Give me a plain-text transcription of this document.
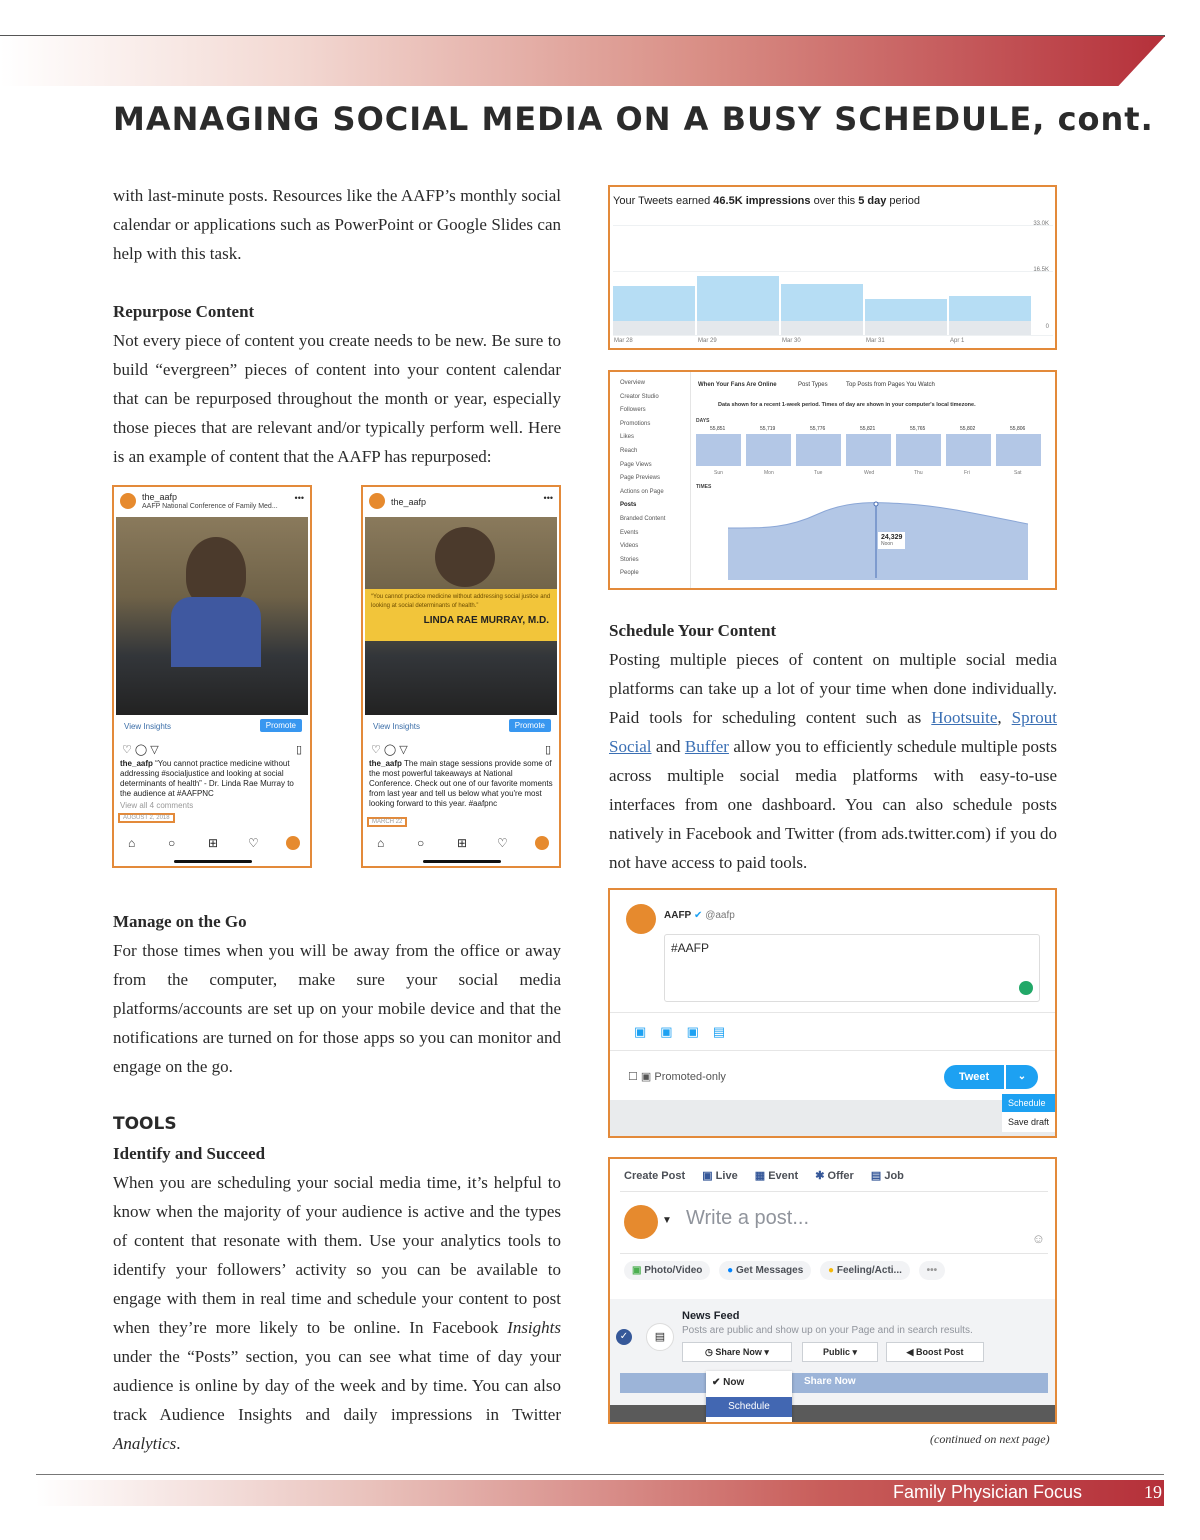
MANAGING SOCIAL MEDIA ON A BUSY SCHEDULE, cont.

with last-minute posts. Resources like the AAFP’s monthly social calendar or applications such as PowerPoint or Google Slides can help with this task.

Repurpose Content

Not every piece of content you create needs to be new. Be sure to build “evergreen” pieces of content into your content calendar that can be repurposed throughout the month or year, especially those pieces that are relevant and/or typically perform well. Here is an example of content that the AAFP has repurposed:

the_aafp
AAFP National Conference of Family Med...
•••
View Insights	Promote
♡ ◯ ▽	▯
the_aafp “You cannot practice medicine without addressing #socialjustice and looking at social determinants of health” - Dr. Linda Rae Murray to the audience at #AAFPNC
View all 4 comments
AUGUST 2, 2018
⌂	○	⊞ ♡
the_aafp	•••
“You cannot practice medicine without addressing social justice and looking at social determinants of health.”
LINDA RAE MURRAY, M.D.
View Insights	Promote
♡ ◯ ▽	▯
the_aafp The main stage sessions provide some of the most powerful takeaways at National Conference. Check out one of our favorite moments from last year and tell us below what you're most looking forward to this year. #aafpnc
MARCH 22
⌂	○	⊞ ♡
Manage on the Go

For those times when you will be away from the office or away from the computer, make sure your social media platforms/accounts are set up on your mobile device and that the notifications are turned on for those apps so you can monitor and engage on the go.

TOOLS
Identify and Succeed

When you are scheduling your social media time, it’s helpful to know when the majority of your audience is active and the types of content that resonate with them. Use your analytics tools to identify your followers’ activity so you can be available to engage with them in real time and schedule your content to post when they’re more likely to be online. In Facebook Insights under the “Posts” section, you can see what time of day your audience is online by day of the week and by time. You can also track Audience Insights and daily impressions in Twitter Analytics.

Your Tweets earned 46.5K impressions over this 5 day period
33.0K
16.5K
0
Mar 28	Mar 29	Mar 30	Mar 31	Apr 1
Overview
Creator Studio
Followers
Promotions
Likes
Reach
Page Views
Page Previews
Actions on Page
Posts
Branded Content
Events
Videos
Stories
People
When Your Fans Are Online	Post Types	Top Posts from Pages You Watch
Data shown for a recent 1-week period. Times of day are shown in your computer's local timezone.
DAYS
55,851
Sun
55,719
Mon
55,776
Tue
55,821
Wed
55,765
Thu
55,802
Fri
55,806
Sat
TIMES
24,329
Noon
Schedule Your Content

Posting multiple pieces of content on multiple social media platforms can take up a lot of your time when done individually. Paid tools for scheduling content such as Hootsuite, Sprout Social and Buffer allow you to efficiently schedule multiple posts across multiple social media platforms with easy-to-use interfaces from one dashboard. You can also schedule posts natively in Facebook and Twitter (from ads.twitter.com) if you do not have access to paid tools.

AAFP ✔ @aafp
#AAFP
▣▣▣▤
☐ ▣ Promoted-only	Tweet	⌄
Schedule
Save draft
Create Post ▣ Live ▦ Event ✱ Offer ▤ Job
▼ Write a post...
☺
▣ Photo/Video ● Get Messages ● Feeling/Acti... •••
✓	▤
News Feed
Posts are public and show up on your Page and in search results.
◷ Share Now ▾	Public ▾	◀ Boost Post
Share Now
✔ Now
Schedule
(continued on next page)
Family Physician Focus	19
